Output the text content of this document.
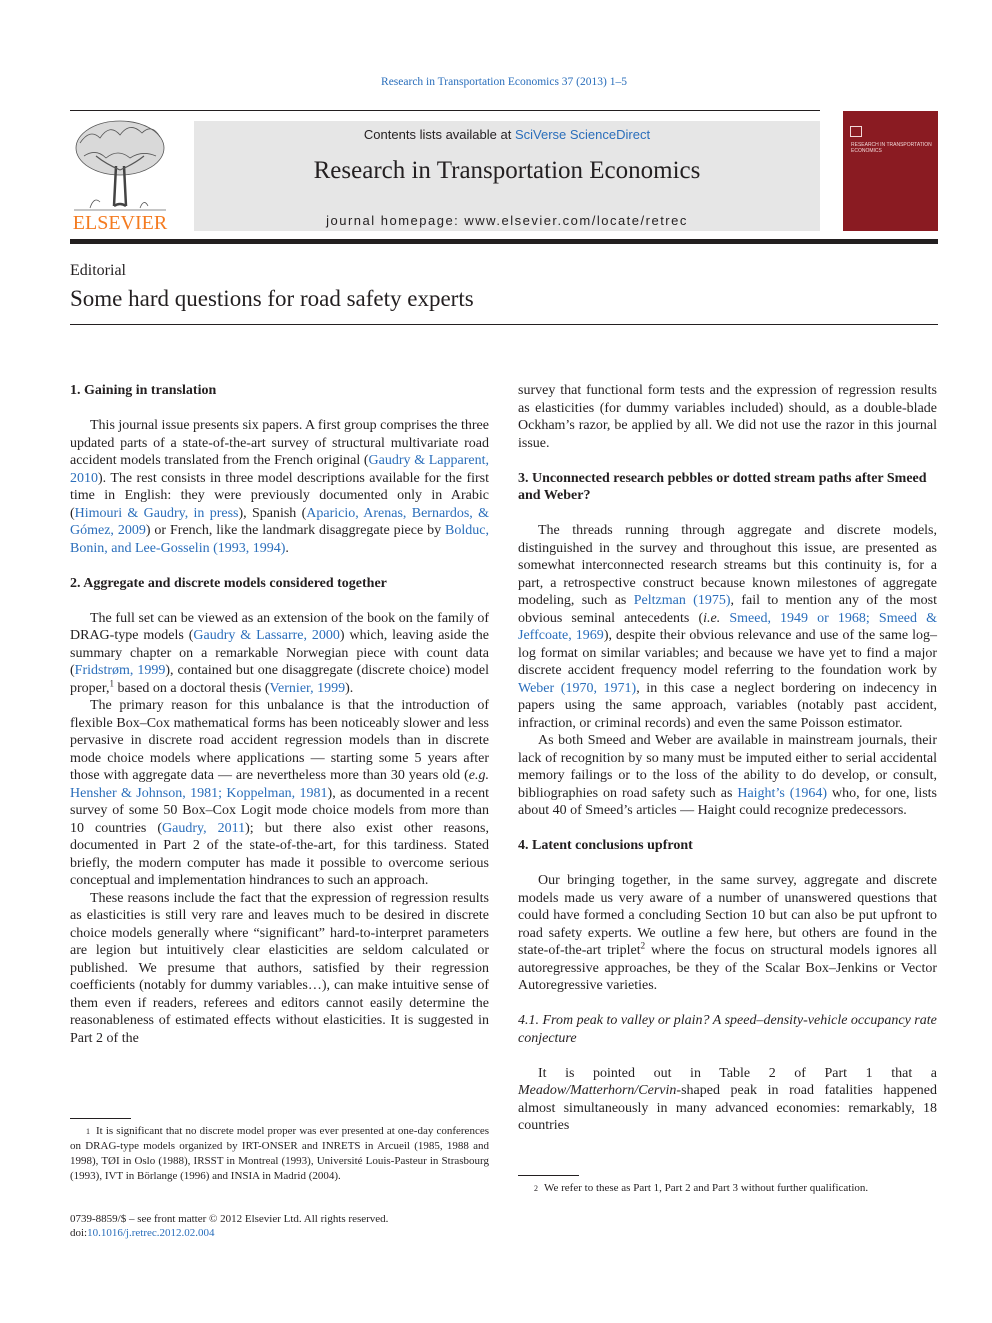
Research in Transportation Economics 37 (2013) 1–5
ELSEVIER
Contents lists available at SciVerse ScienceDirect
Research in Transportation Economics
journal homepage: www.elsevier.com/locate/retrec
RESEARCH IN TRANSPORTATION ECONOMICS
Editorial
Some hard questions for road safety experts
1. Gaining in translation

This journal issue presents six papers. A first group comprises the three updated parts of a state-of-the-art survey of structural multivariate road accident models translated from the French original (Gaudry & Lapparent, 2010). The rest consists in three model descriptions available for the first time in English: they were previously documented only in Arabic (Himouri & Gaudry, in press), Spanish (Aparicio, Arenas, Bernardos, & Gómez, 2009) or French, like the landmark disaggregate piece by Bolduc, Bonin, and Lee-Gosselin (1993, 1994).

2. Aggregate and discrete models considered together

The full set can be viewed as an extension of the book on the family of DRAG-type models (Gaudry & Lassarre, 2000) which, leaving aside the summary chapter on a remarkable Norwegian piece with count data (Fridstrøm, 1999), contained but one disaggregate (discrete choice) model proper,$^1$ based on a doctoral thesis (Vernier, 1999).

The primary reason for this unbalance is that the introduction of flexible Box–Cox mathematical forms has been noticeably slower and less pervasive in discrete road accident regression models than in discrete mode choice models where applications — starting some 5 years after those with aggregate data — are nevertheless more than 30 years old (e.g. Hensher & Johnson, 1981; Koppelman, 1981), as documented in a recent survey of some 50 Box–Cox Logit mode choice models from more than 10 countries (Gaudry, 2011); but there also exist other reasons, documented in Part 2 of the state-of-the-art, for this tardiness. Stated briefly, the modern computer has made it possible to overcome serious conceptual and implementation hindrances to such an approach.

These reasons include the fact that the expression of regression results as elasticities is still very rare and leaves much to be desired in discrete choice models generally where “significant” hard-to-interpret parameters are legion but intuitively clear elasticities are seldom calculated or published. We presume that authors, satisfied by their regression coefficients (notably for dummy variables…), can make intuitive sense of them even if readers, referees and editors cannot easily determine the reasonableness of estimated effects without elasticities. It is suggested in Part 2 of the

1 It is significant that no discrete model proper was ever presented at one-day conferences on DRAG-type models organized by IRT-ONSER and INRETS in Arcueil (1985, 1988 and 1998), TØI in Oslo (1988), IRSST in Montreal (1993), Université Louis-Pasteur in Strasbourg (1993), IVT in Börlange (1996) and INSIA in Madrid (2004).
0739-8859/$ – see front matter © 2012 Elsevier Ltd. All rights reserved.
doi:10.1016/j.retrec.2012.02.004

survey that functional form tests and the expression of regression results as elasticities (for dummy variables included) should, as a double-blade Ockham’s razor, be applied by all. We did not use the razor in this journal issue.

3. Unconnected research pebbles or dotted stream paths after Smeed and Weber?

The threads running through aggregate and discrete models, distinguished in the survey and throughout this issue, are presented as somewhat interconnected research streams but this continuity is, for a part, a retrospective construct because known milestones of aggregate modeling, such as Peltzman (1975), fail to mention any of the most obvious seminal antecedents (i.e. Smeed, 1949 or 1968; Smeed & Jeffcoate, 1969), despite their obvious relevance and use of the same log–log format on similar variables; and because we have yet to find a major discrete accident frequency model referring to the foundation work by Weber (1970, 1971), in this case a neglect bordering on indecency in papers using the same approach, variables (notably past accident, infraction, or criminal records) and even the same Poisson estimator.

As both Smeed and Weber are available in mainstream journals, their lack of recognition by so many must be imputed either to serial accidental memory failings or to the loss of the ability to do develop, or consult, bibliographies on road safety such as Haight’s (1964) who, for one, lists about 40 of Smeed’s articles — Haight could recognize predecessors.

4. Latent conclusions upfront

Our bringing together, in the same survey, aggregate and discrete models made us very aware of a number of unanswered questions that could have formed a concluding Section 10 but can also be put upfront to road safety experts. We outline a few here, but others are found in the state-of-the-art triplet$^2$ where the focus on structural models ignores all autoregressive approaches, be they of the Scalar Box–Jenkins or Vector Autoregressive varieties.

4.1. From peak to valley or plain? A speed–density-vehicle occupancy rate conjecture

It is pointed out in Table 2 of Part 1 that a Meadow/Matterhorn/Cervin-shaped peak in road fatalities happened almost simultaneously in many advanced economies: remarkably, 18 countries

2 We refer to these as Part 1, Part 2 and Part 3 without further qualification.
